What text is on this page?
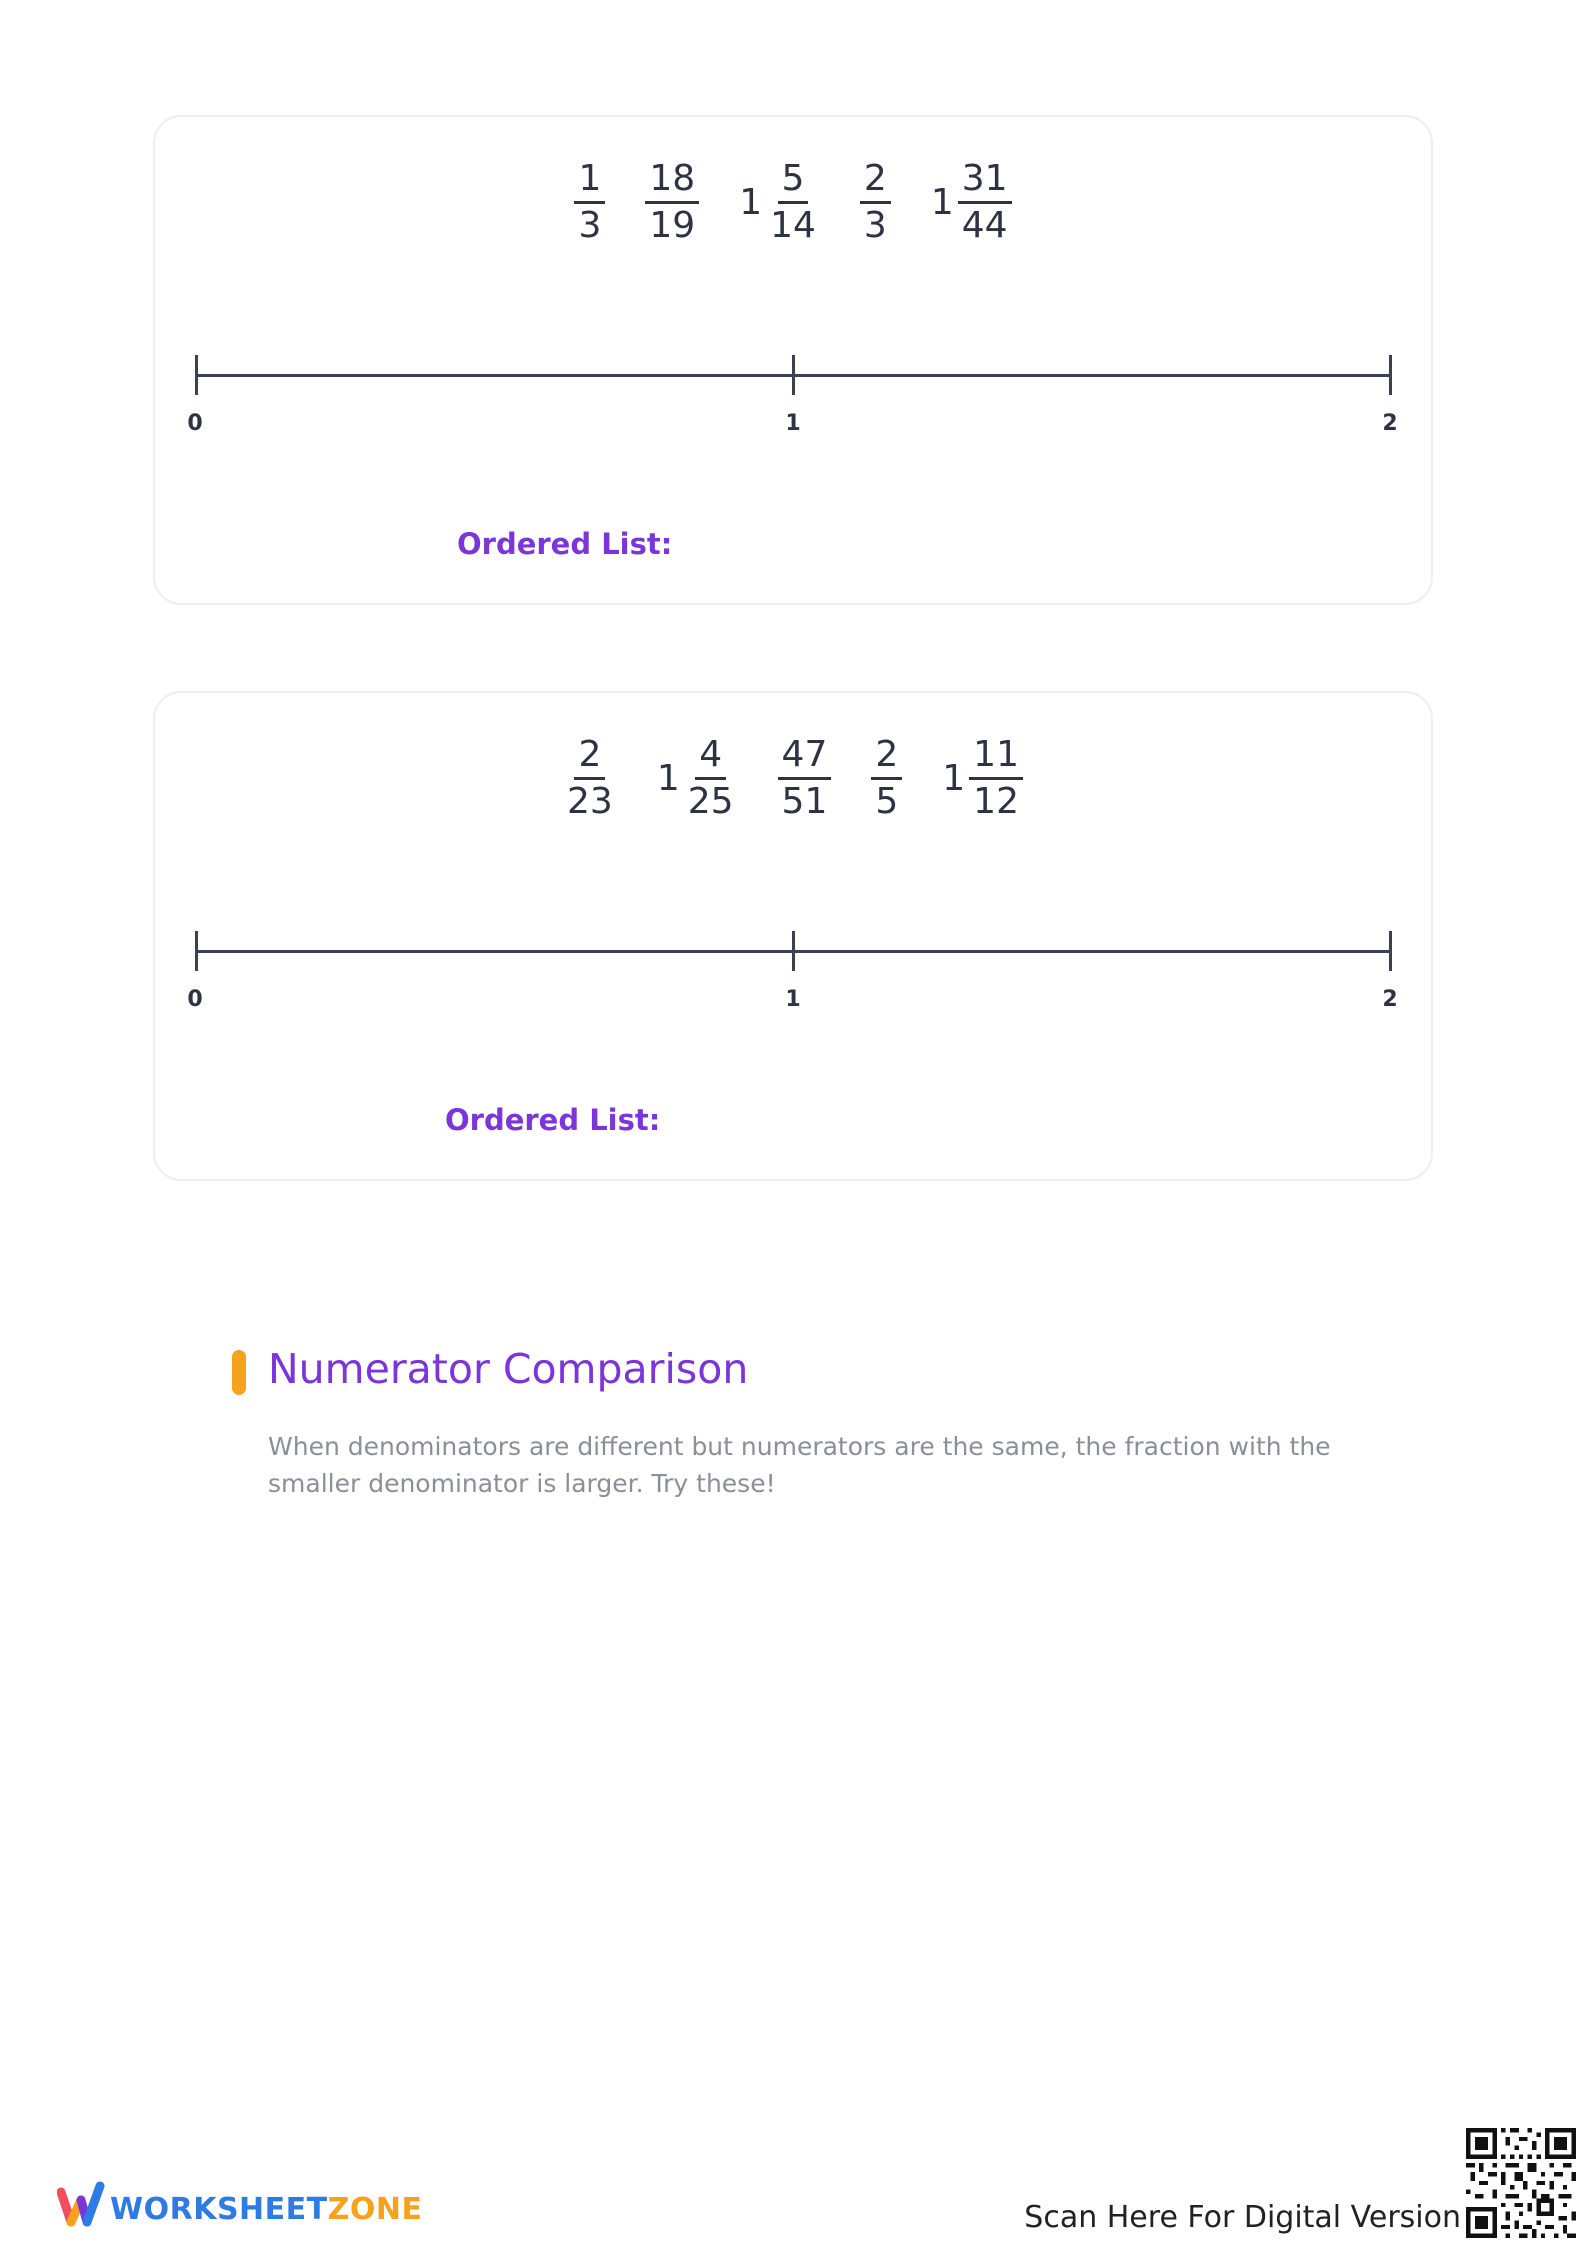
$\frac{1}{3} \frac{18}{19} 1 \frac{5}{14} \frac{2}{3} 1 \frac{31}{44}$
0	1	2
Ordered List:
$\frac{2}{23} 1 \frac{4}{25} \frac{47}{51} \frac{2}{5} 1 \frac{11}{12}$
0	1	2
Ordered List:
Numerator Comparison
When denominators are different but numerators are the same, the fraction with the smaller denominator is larger. Try these!
WORKSHEETZONE	Scan Here For Digital Version
